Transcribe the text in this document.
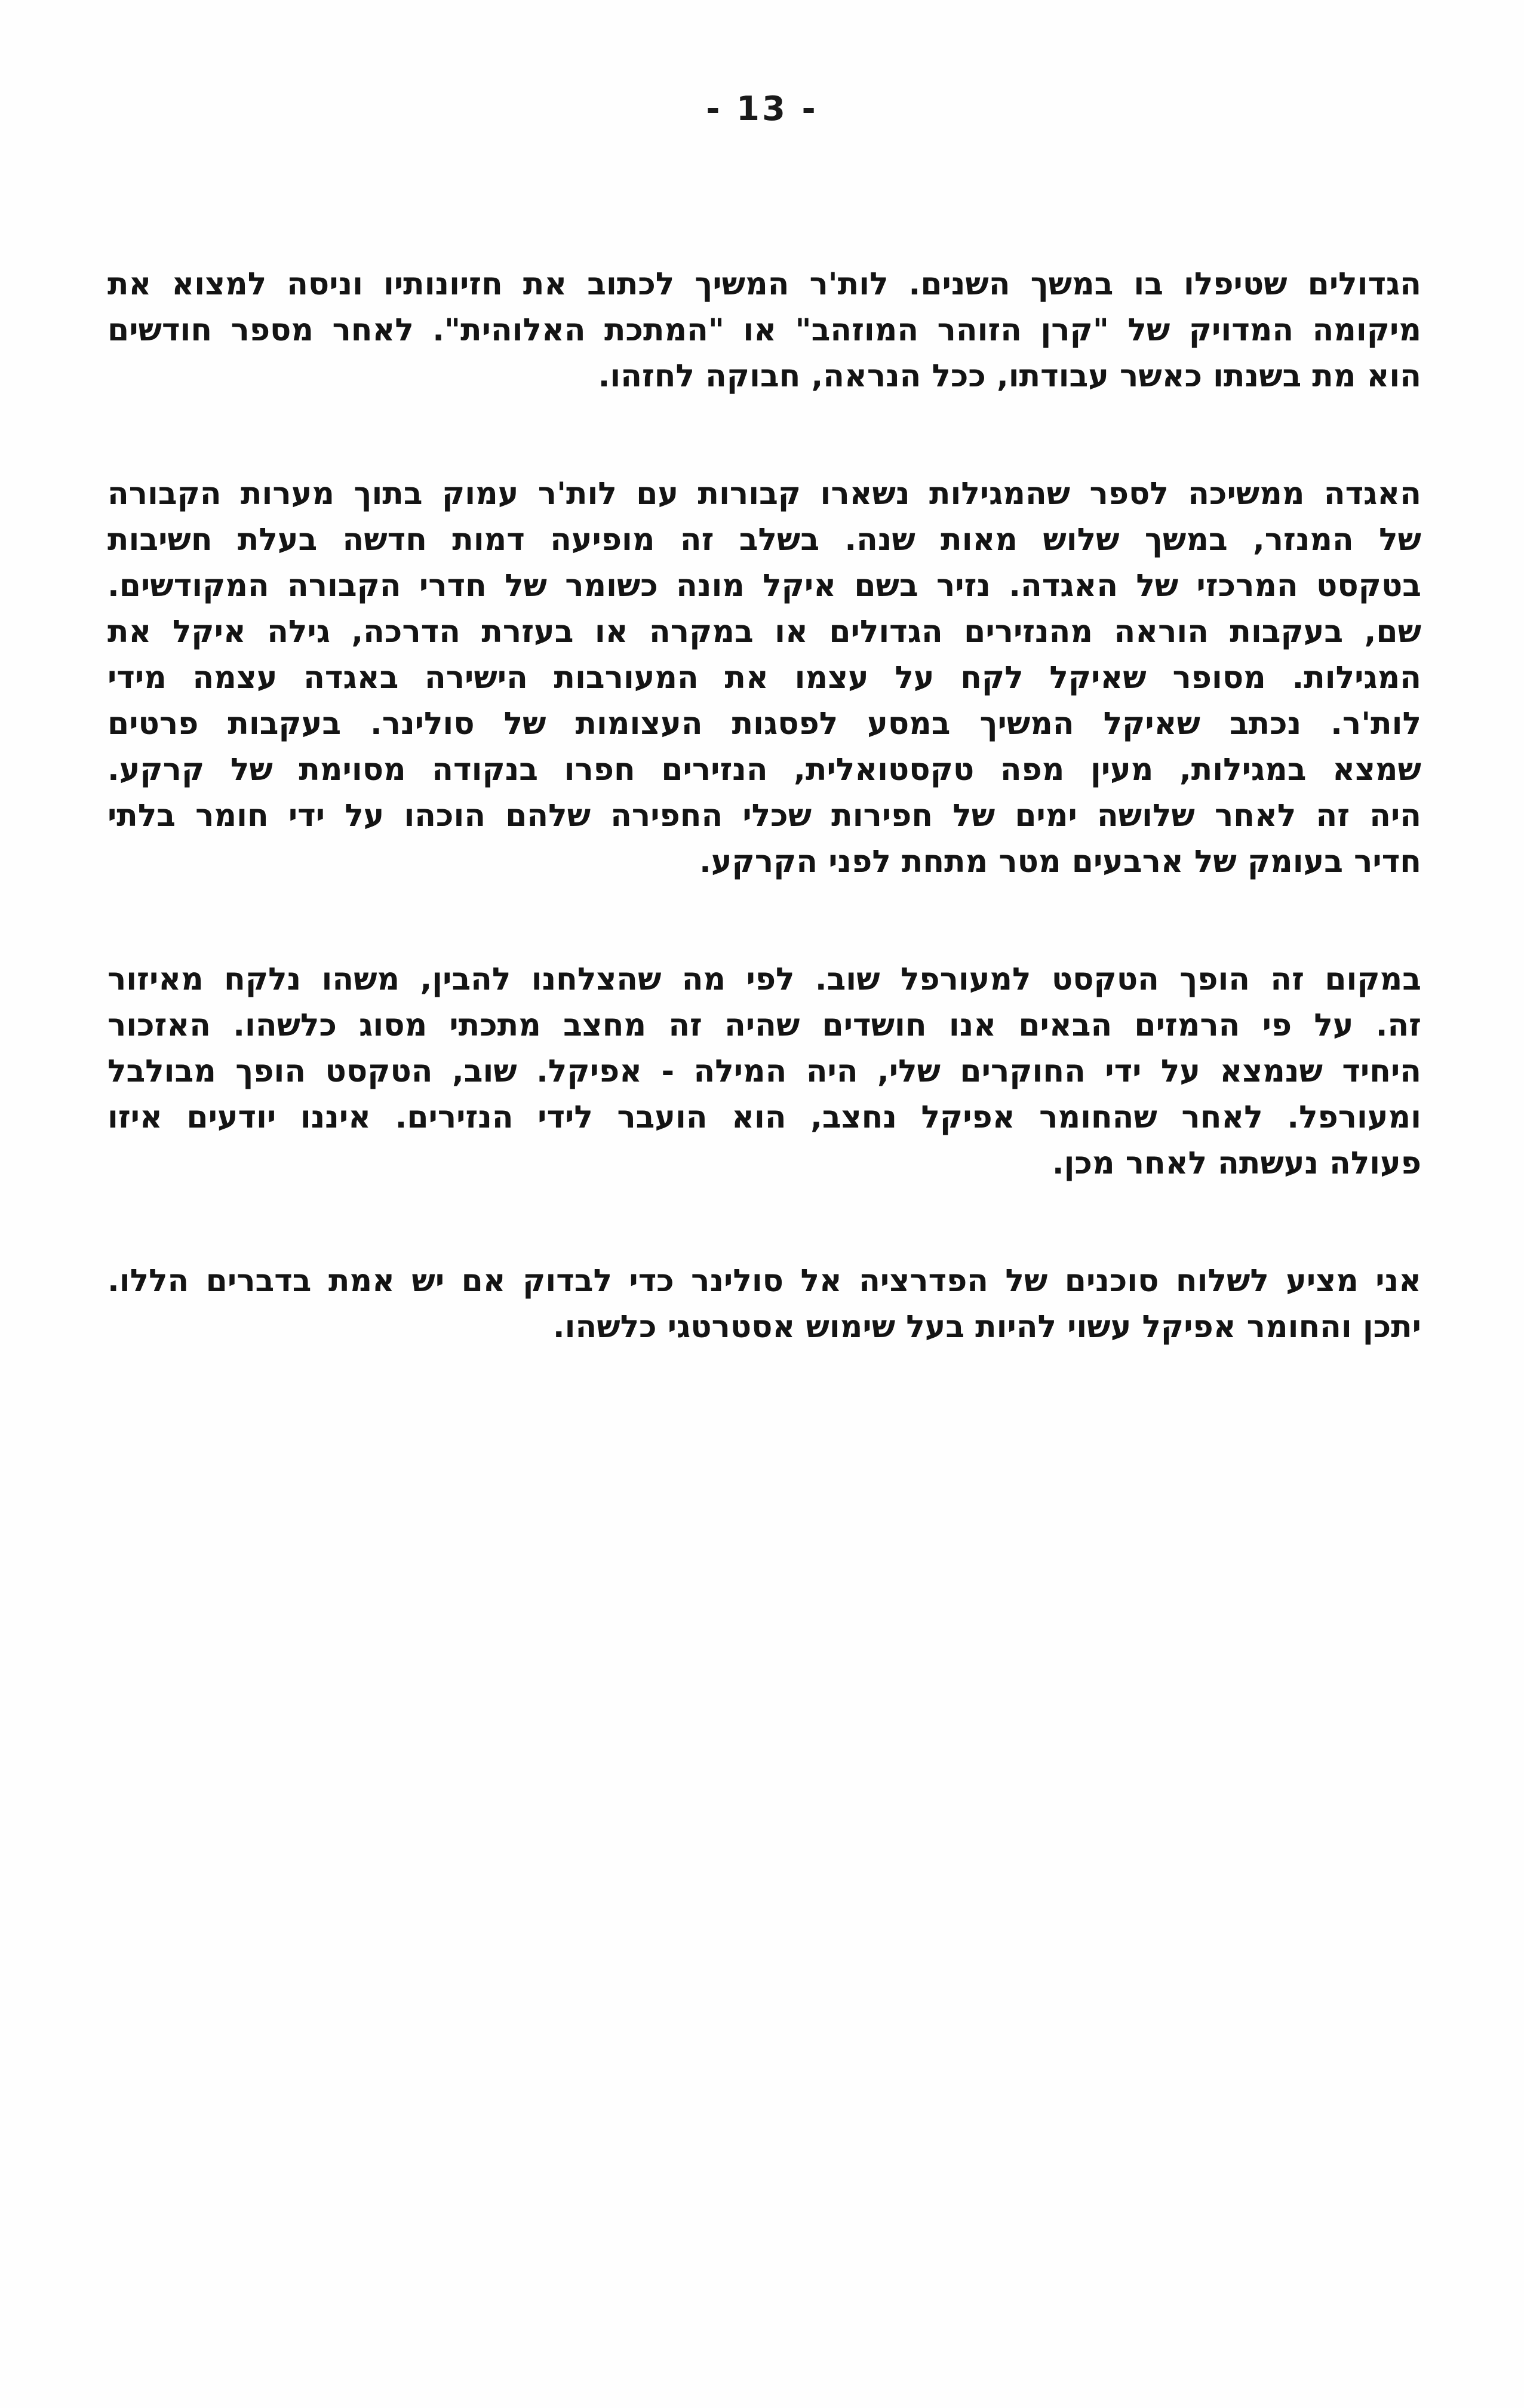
- 13 -
הגדולים שטיפלו בו במשך השנים. לות'ר המשיך לכתוב את חזיונותיו וניסה למצוא את
מיקומה המדויק של "קרן הזוהר המוזהב" או "המתכת האלוהית". לאחר מספר חודשים
הוא מת בשנתו כאשר עבודתו, ככל הנראה, חבוקה לחזהו.
האגדה ממשיכה לספר שהמגילות נשארו קבורות עם לות'ר עמוק בתוך מערות הקבורה
של המנזר, במשך שלוש מאות שנה. בשלב זה מופיעה דמות חדשה בעלת חשיבות
בטקסט המרכזי של האגדה. נזיר בשם איקל מונה כשומר של חדרי הקבורה המקודשים.
שם, בעקבות הוראה מהנזירים הגדולים או במקרה או בעזרת הדרכה, גילה איקל את
המגילות. מסופר שאיקל לקח על עצמו את המעורבות הישירה באגדה עצמה מידי
לות'ר. נכתב שאיקל המשיך במסע לפסגות העצומות של סולינר. בעקבות פרטים
שמצא במגילות, מעין מפה טקסטואלית, הנזירים חפרו בנקודה מסוימת של קרקע.
היה זה לאחר שלושה ימים של חפירות שכלי החפירה שלהם הוכהו על ידי חומר בלתי
חדיר בעומק של ארבעים מטר מתחת לפני הקרקע.
במקום זה הופך הטקסט למעורפל שוב. לפי מה שהצלחנו להבין, משהו נלקח מאיזור
זה. על פי הרמזים הבאים אנו חושדים שהיה זה מחצב מתכתי מסוג כלשהו. האזכור
היחיד שנמצא על ידי החוקרים שלי, היה המילה - אפיקל. שוב, הטקסט הופך מבולבל
ומעורפל. לאחר שהחומר אפיקל נחצב, הוא הועבר לידי הנזירים. איננו יודעים איזו
פעולה נעשתה לאחר מכן.
אני מציע לשלוח סוכנים של הפדרציה אל סולינר כדי לבדוק אם יש אמת בדברים הללו.
יתכן והחומר אפיקל עשוי להיות בעל שימוש אסטרטגי כלשהו.
